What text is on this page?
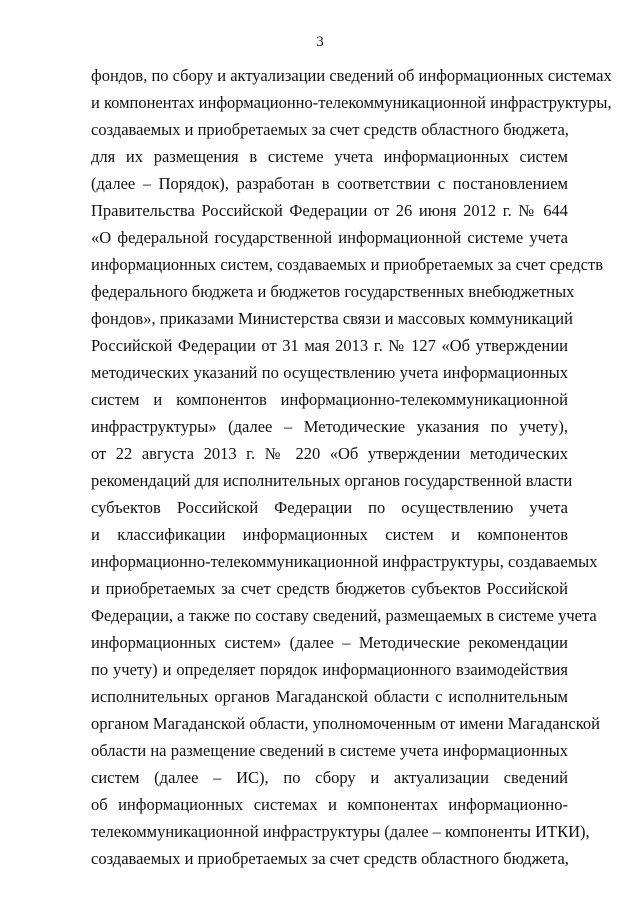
3
фондов, по сбору и актуализации сведений об информационных системах
и компонентах информационно-телекоммуникационной инфраструктуры,
создаваемых и приобретаемых за счет средств областного бюджета,
для их размещения в системе учета информационных систем
(далее – Порядок), разработан в соответствии с постановлением
Правительства Российской Федерации от 26 июня 2012 г. № 644
«О федеральной государственной информационной системе учета
информационных систем, создаваемых и приобретаемых за счет средств
федерального бюджета и бюджетов государственных внебюджетных
фондов», приказами Министерства связи и массовых коммуникаций
Российской Федерации от 31 мая 2013 г. № 127 «Об утверждении
методических указаний по осуществлению учета информационных
систем и компонентов информационно-телекоммуникационной
инфраструктуры» (далее – Методические указания по учету),
от 22 августа 2013 г. № 220 «Об утверждении методических
рекомендаций для исполнительных органов государственной власти
субъектов Российской Федерации по осуществлению учета
и классификации информационных систем и компонентов
информационно-телекоммуникационной инфраструктуры, создаваемых
и приобретаемых за счет средств бюджетов субъектов Российской
Федерации, а также по составу сведений, размещаемых в системе учета
информационных систем» (далее – Методические рекомендации
по учету) и определяет порядок информационного взаимодействия
исполнительных органов Магаданской области с исполнительным
органом Магаданской области, уполномоченным от имени Магаданской
области на размещение сведений в системе учета информационных
систем (далее – ИС), по сбору и актуализации сведений
об информационных системах и компонентах информационно-
телекоммуникационной инфраструктуры (далее – компоненты ИТКИ),
создаваемых и приобретаемых за счет средств областного бюджета,
